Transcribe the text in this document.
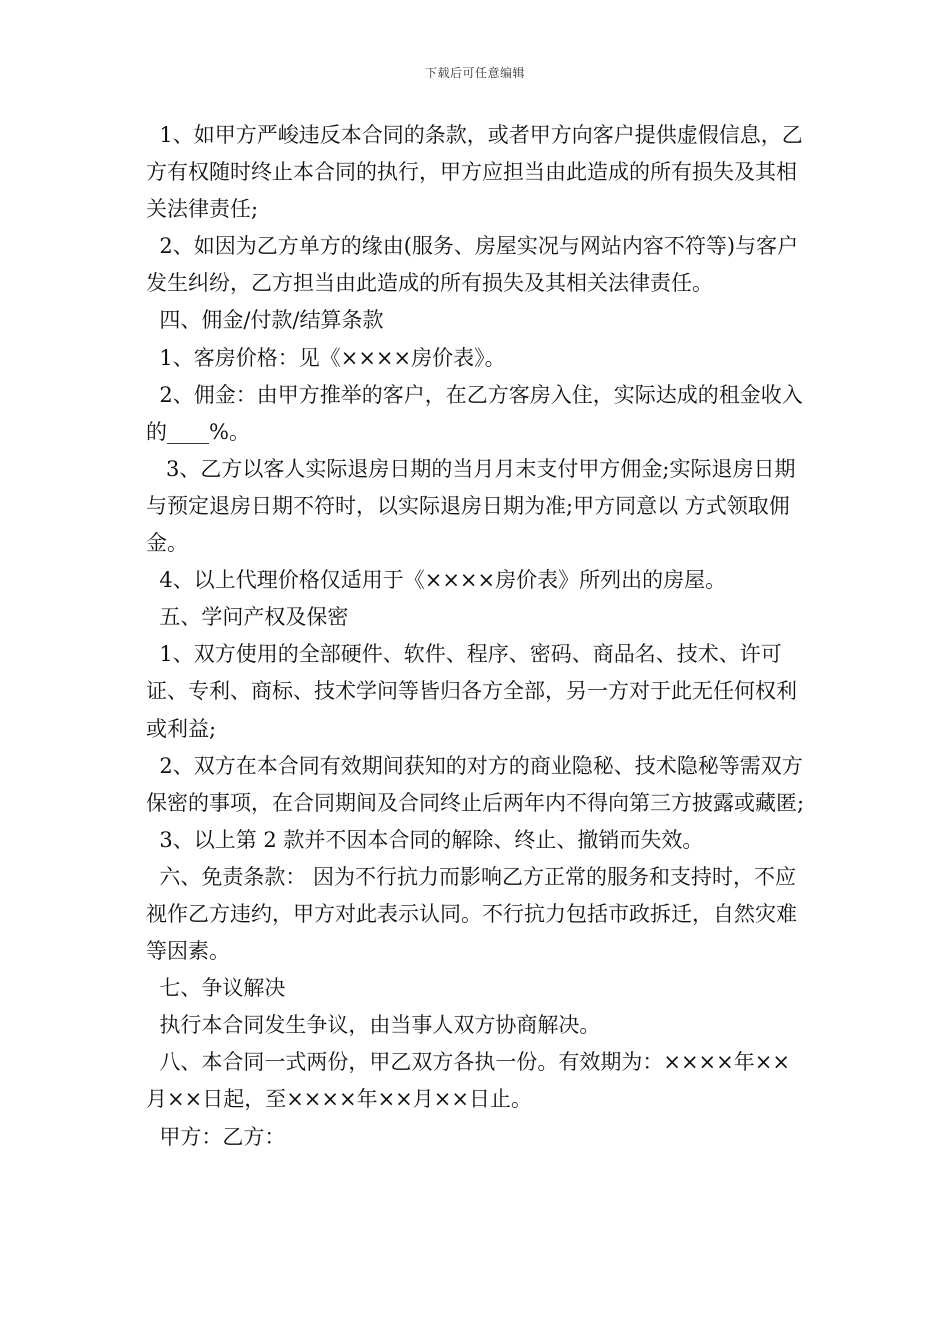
下载后可任意编辑

1、如甲方严峻违反本合同的条款，或者甲方向客户提供虚假信息，乙方有权随时终止本合同的执行，甲方应担当由此造成的所有损失及其相关法律责任;

2、如因为乙方单方的缘由(服务、房屋实况与网站内容不符等)与客户发生纠纷，乙方担当由此造成的所有损失及其相关法律责任。

四、佣金/付款/结算条款

1、客房价格：见《××××房价表》。

2、佣金：由甲方推举的客户，在乙方客房入住，实际达成的租金收入的____%。

3、乙方以客人实际退房日期的当月月末支付甲方佣金;实际退房日期与预定退房日期不符时，以实际退房日期为准;甲方同意以 方式领取佣金。

4、以上代理价格仅适用于《××××房价表》所列出的房屋。

五、学问产权及保密

1、双方使用的全部硬件、软件、程序、密码、商品名、技术、许可证、专利、商标、技术学问等皆归各方全部，另一方对于此无任何权利或利益;

2、双方在本合同有效期间获知的对方的商业隐秘、技术隐秘等需双方保密的事项，在合同期间及合同终止后两年内不得向第三方披露或藏匿;

3、以上第 2 款并不因本合同的解除、终止、撤销而失效。

六、免责条款： 因为不行抗力而影响乙方正常的服务和支持时，不应视作乙方违约，甲方对此表示认同。不行抗力包括市政拆迁，自然灾难等因素。

七、争议解决

执行本合同发生争议，由当事人双方协商解决。

八、本合同一式两份，甲乙双方各执一份。有效期为：××××年××月××日起，至××××年××月××日止。

甲方：乙方：
